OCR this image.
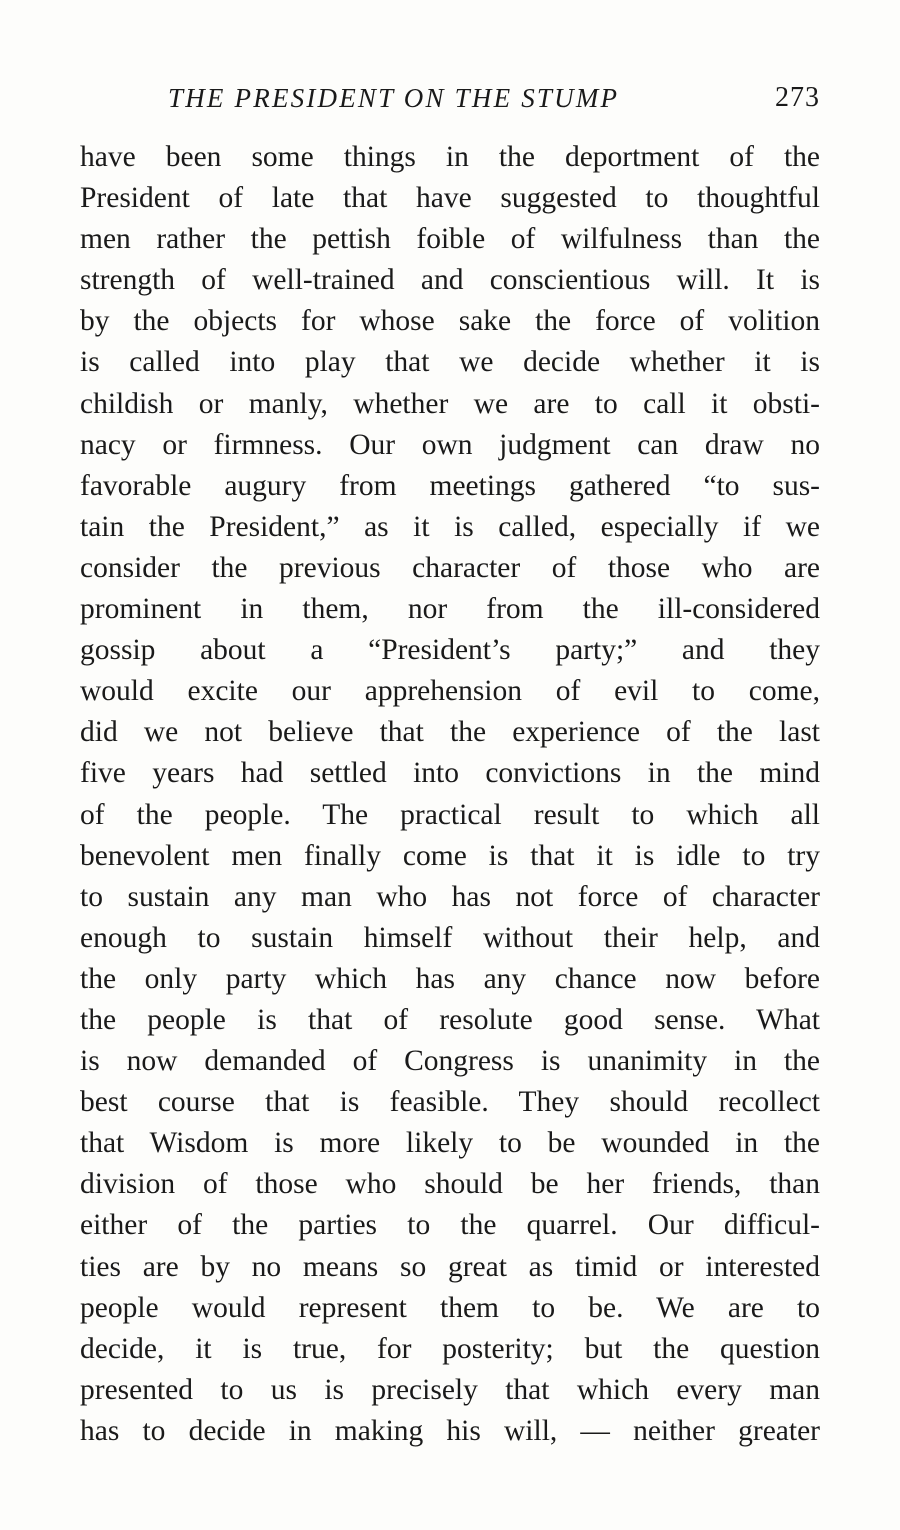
THE PRESIDENT ON THE STUMP	273
have been some things in the deportment of the
President of late that have suggested to thoughtful
men rather the pettish foible of wilfulness than the
strength of well-trained and conscientious will. It is
by the objects for whose sake the force of volition
is called into play that we decide whether it is
childish or manly, whether we are to call it obsti-
nacy or firmness. Our own judgment can draw no
favorable augury from meetings gathered “to sus-
tain the President,” as it is called, especially if we
consider the previous character of those who are
prominent in them, nor from the ill-considered
gossip about a “President’s party;” and they
would excite our apprehension of evil to come,
did we not believe that the experience of the last
five years had settled into convictions in the mind
of the people. The practical result to which all
benevolent men finally come is that it is idle to try
to sustain any man who has not force of character
enough to sustain himself without their help, and
the only party which has any chance now before
the people is that of resolute good sense. What
is now demanded of Congress is unanimity in the
best course that is feasible. They should recollect
that Wisdom is more likely to be wounded in the
division of those who should be her friends, than
either of the parties to the quarrel. Our difficul-
ties are by no means so great as timid or interested
people would represent them to be. We are to
decide, it is true, for posterity; but the question
presented to us is precisely that which every man
has to decide in making his will, — neither greater
